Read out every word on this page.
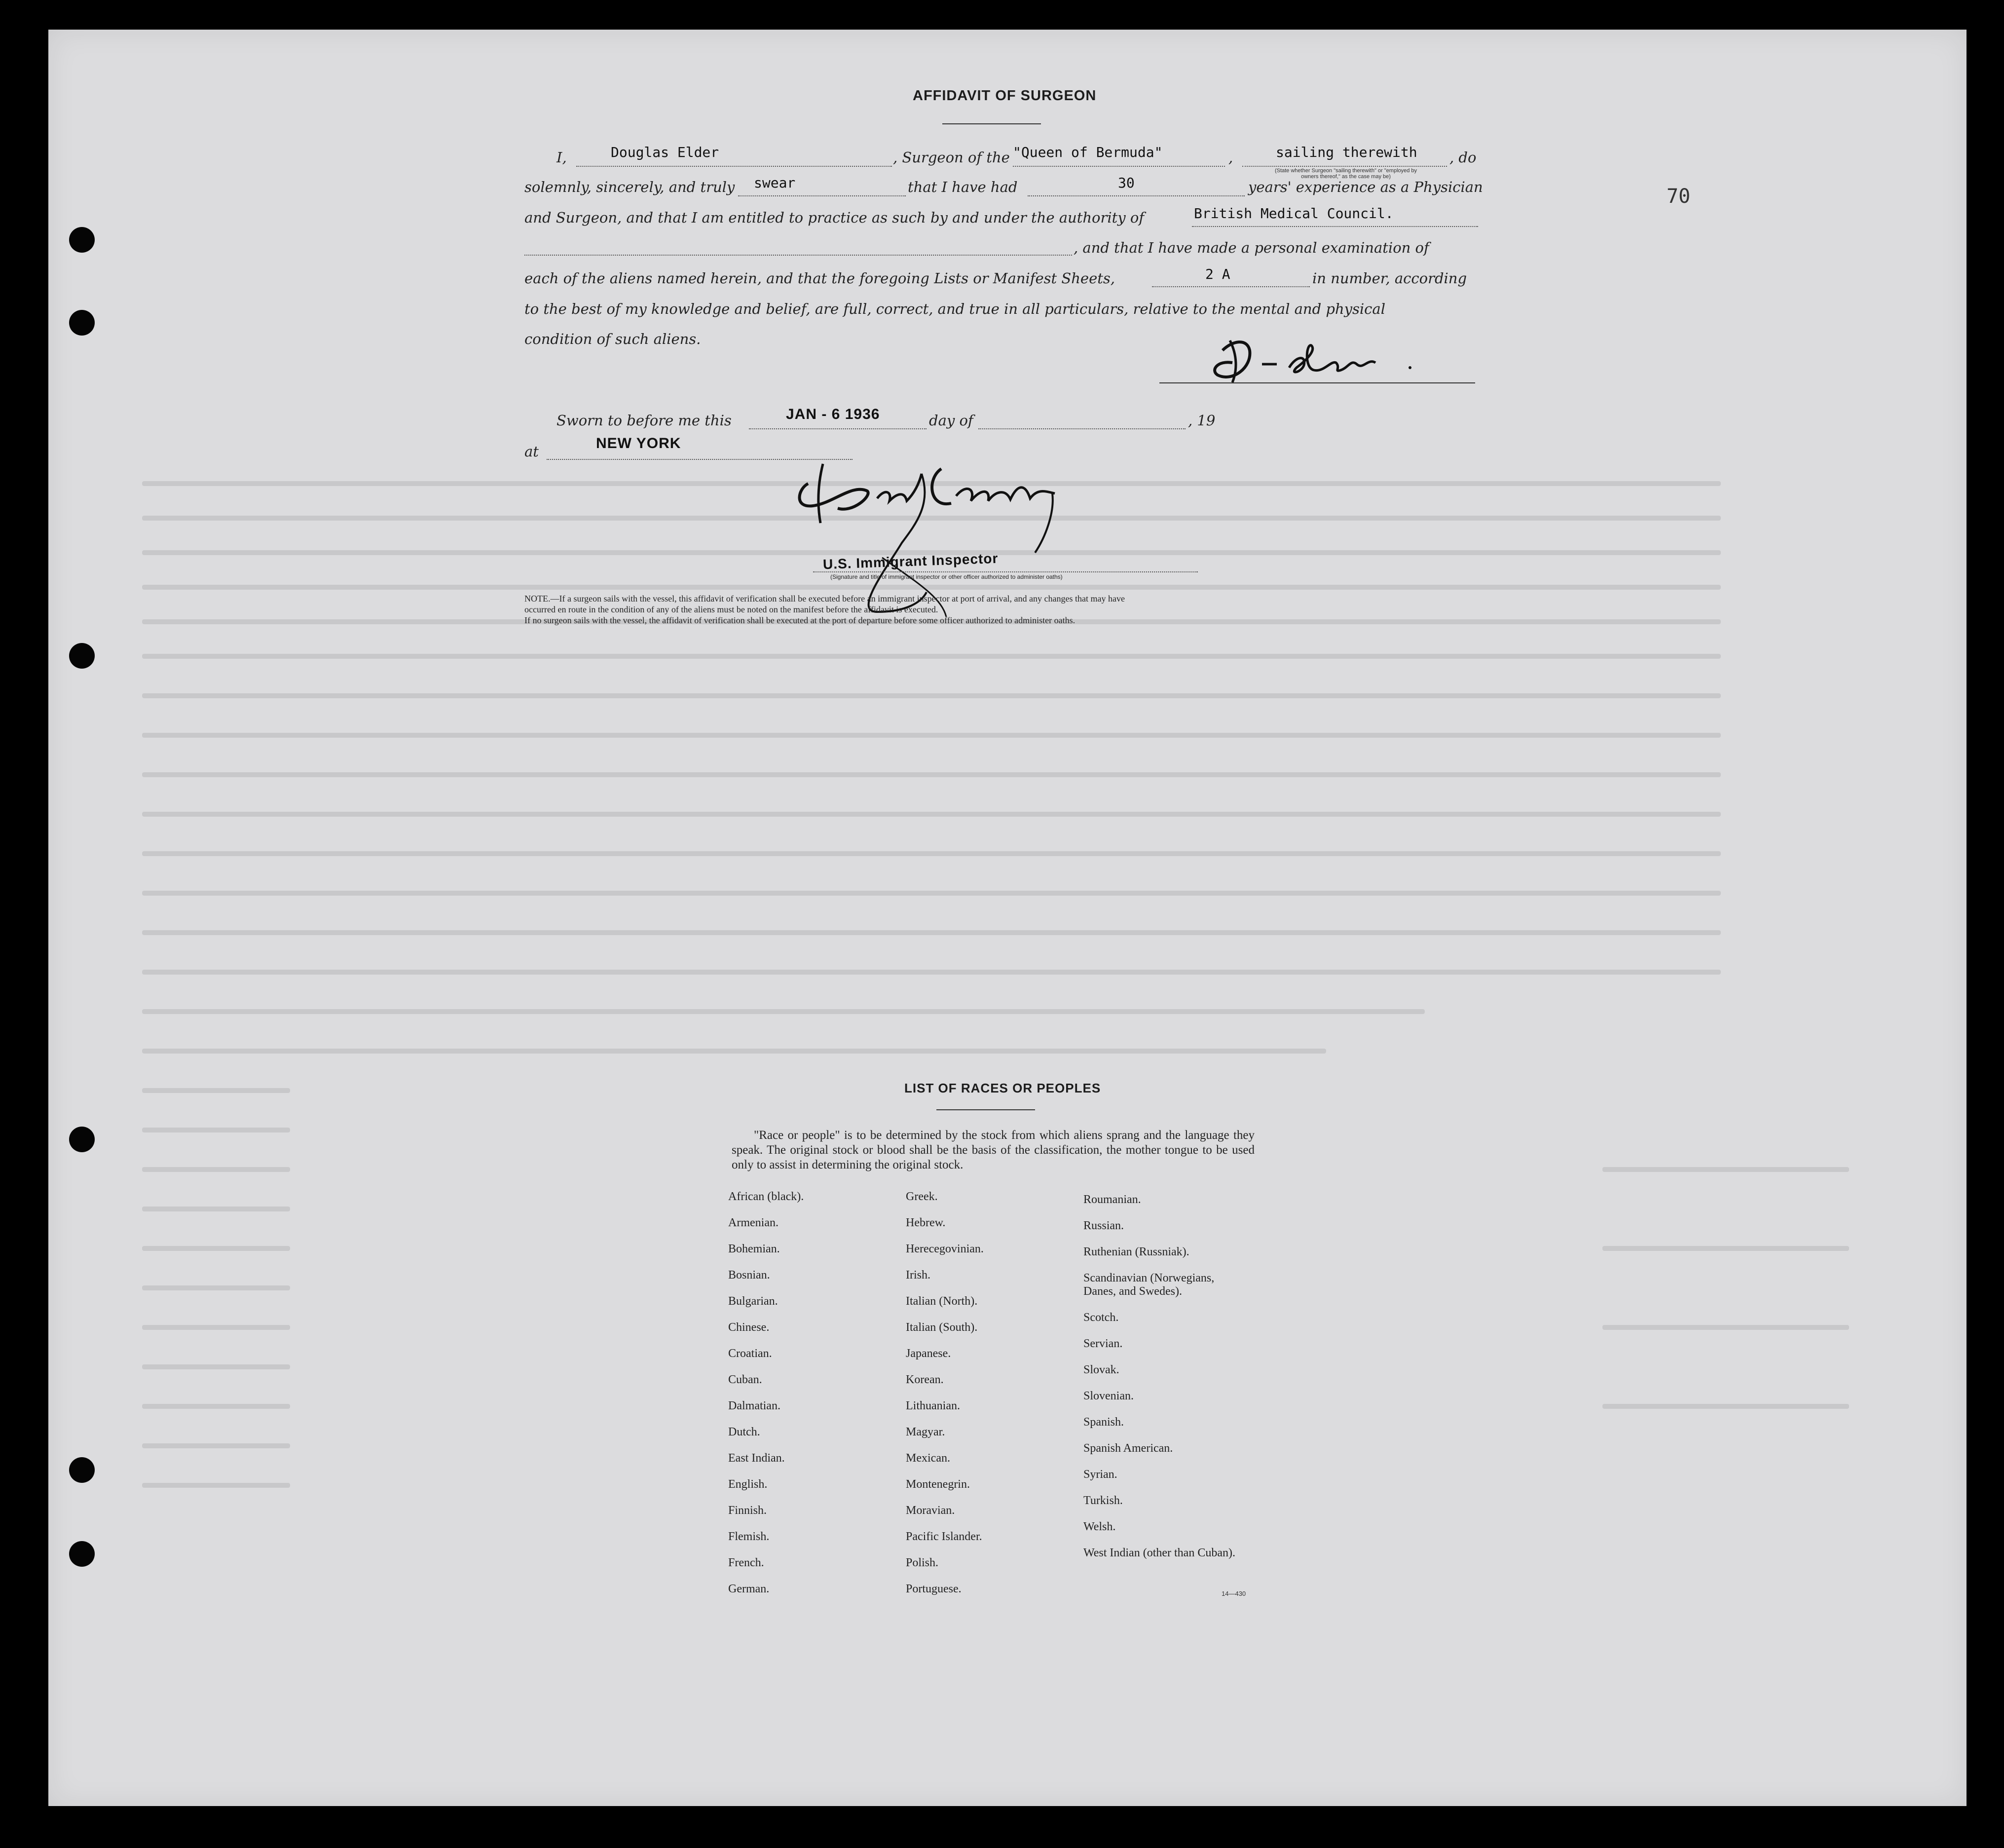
70
AFFIDAVIT OF SURGEON
I,	Douglas Elder	, Surgeon of the "Queen of Bermuda"	,	sailing therewith , do
(State whether Surgeon "sailing therewith" or "employed by
owners thereof," as the case may be)
solemnly, sincerely, and truly swear	that I have had	30	years' experience as a Physician
and Surgeon, and that I am entitled to practice as such by and under the authority of	British Medical Council.
, and that I have made a personal examination of
each of the aliens named herein, and that the foregoing Lists or Manifest Sheets,	2 A	in number, according
to the best of my knowledge and belief, are full, correct, and true in all particulars, relative to the mental and physical
condition of such aliens.
Sworn to before me this	JAN - 6 1936	day of	, 19
at	NEW YORK
U.S. Immigrant Inspector
(Signature and title of immigrant inspector or other officer authorized to administer oaths)
NOTE.—If a surgeon sails with the vessel, this affidavit of verification shall be executed before an immigrant inspector at port of arrival, and any changes that may have
occurred en route in the condition of any of the aliens must be noted on the manifest before the affidavit is executed.
If no surgeon sails with the vessel, the affidavit of verification shall be executed at the port of departure before some officer authorized to administer oaths.
LIST OF RACES OR PEOPLES
"Race or people" is to be determined by the stock from which aliens sprang and the language they speak. The original stock or blood shall be the basis of the classification, the mother tongue to be used only to assist in determining the original stock.
African (black).
Armenian.
Bohemian.
Bosnian.
Bulgarian.
Chinese.
Croatian.
Cuban.
Dalmatian.
Dutch.
East Indian.
English.
Finnish.
Flemish.
French.
German.
Greek.
Hebrew.
Herecegovinian.
Irish.
Italian (North).
Italian (South).
Japanese.
Korean.
Lithuanian.
Magyar.
Mexican.
Montenegrin.
Moravian.
Pacific Islander.
Polish.
Portuguese.
Roumanian.
Russian.
Ruthenian (Russniak).
Scandinavian (Norwegians, Danes, and Swedes).
Scotch.
Servian.
Slovak.
Slovenian.
Spanish.
Spanish American.
Syrian.
Turkish.
Welsh.
West Indian (other than Cuban).
14—430
